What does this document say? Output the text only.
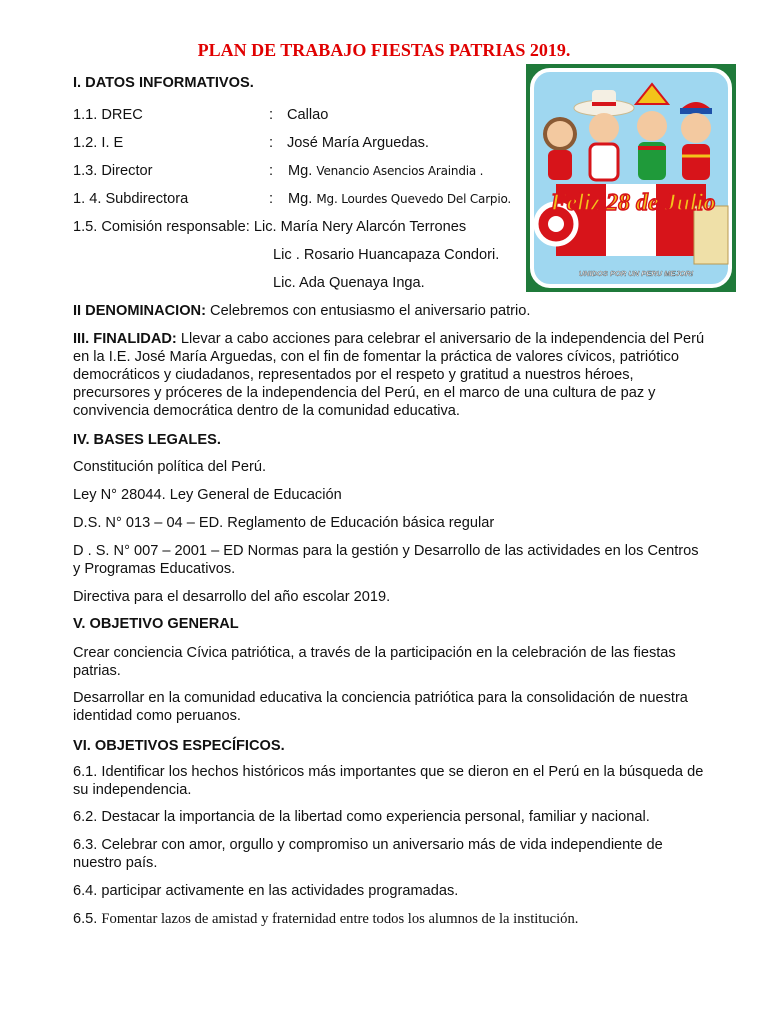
PLAN DE TRABAJO FIESTAS PATRIAS 2019.
I. DATOS INFORMATIVOS.
1.1. DREC	: Callao
1.2. I. E	: José María Arguedas.
1.3. Director	: Mg. Venancio Asencios Araindia .
1. 4. Subdirectora	: Mg. Mg. Lourdes Quevedo Del Carpio.
1.5. Comisión responsable: Lic. María Nery Alarcón Terrones
Lic . Rosario Huancapaza Condori.
Lic. Ada Quenaya Inga.
II DENOMINACION: Celebremos con entusiasmo el aniversario patrio.
III. FINALIDAD: Llevar a cabo acciones para celebrar el aniversario de la independencia del Perú en la I.E. José María Arguedas, con el fin de fomentar la práctica de valores cívicos, patriótico democráticos y ciudadanos, representados por el respeto y gratitud a nuestros héroes, precursores y próceres de la independencia del Perú, en el marco de una cultura de paz y convivencia democrática dentro de la comunidad educativa.
IV. BASES LEGALES.
Constitución política del Perú.
Ley N° 28044. Ley General de Educación
D.S. N° 013 – 04 – ED. Reglamento de Educación básica regular
D . S. N° 007 – 2001 – ED Normas para la gestión y Desarrollo de las actividades en los Centros y Programas Educativos.
Directiva para el desarrollo del año escolar 2019.
V. OBJETIVO GENERAL
Crear conciencia Cívica patriótica, a través de la participación en la celebración de las fiestas patrias.
Desarrollar en la comunidad educativa la conciencia patriótica para la consolidación de nuestra identidad como peruanos.
VI. OBJETIVOS ESPECÍFICOS.
6.1. Identificar los hechos históricos más importantes que se dieron en el Perú en la búsqueda de su independencia.
6.2. Destacar la importancia de la libertad como experiencia personal, familiar y nacional.
6.3. Celebrar con amor, orgullo y compromiso un aniversario más de vida independiente de nuestro país.
6.4. participar activamente en las actividades programadas.
6.5. Fomentar lazos de amistad y fraternidad entre todos los alumnos de la institución.
Feliz 28 de Julio
UNIDOS POR UN PERU MEJOR!
